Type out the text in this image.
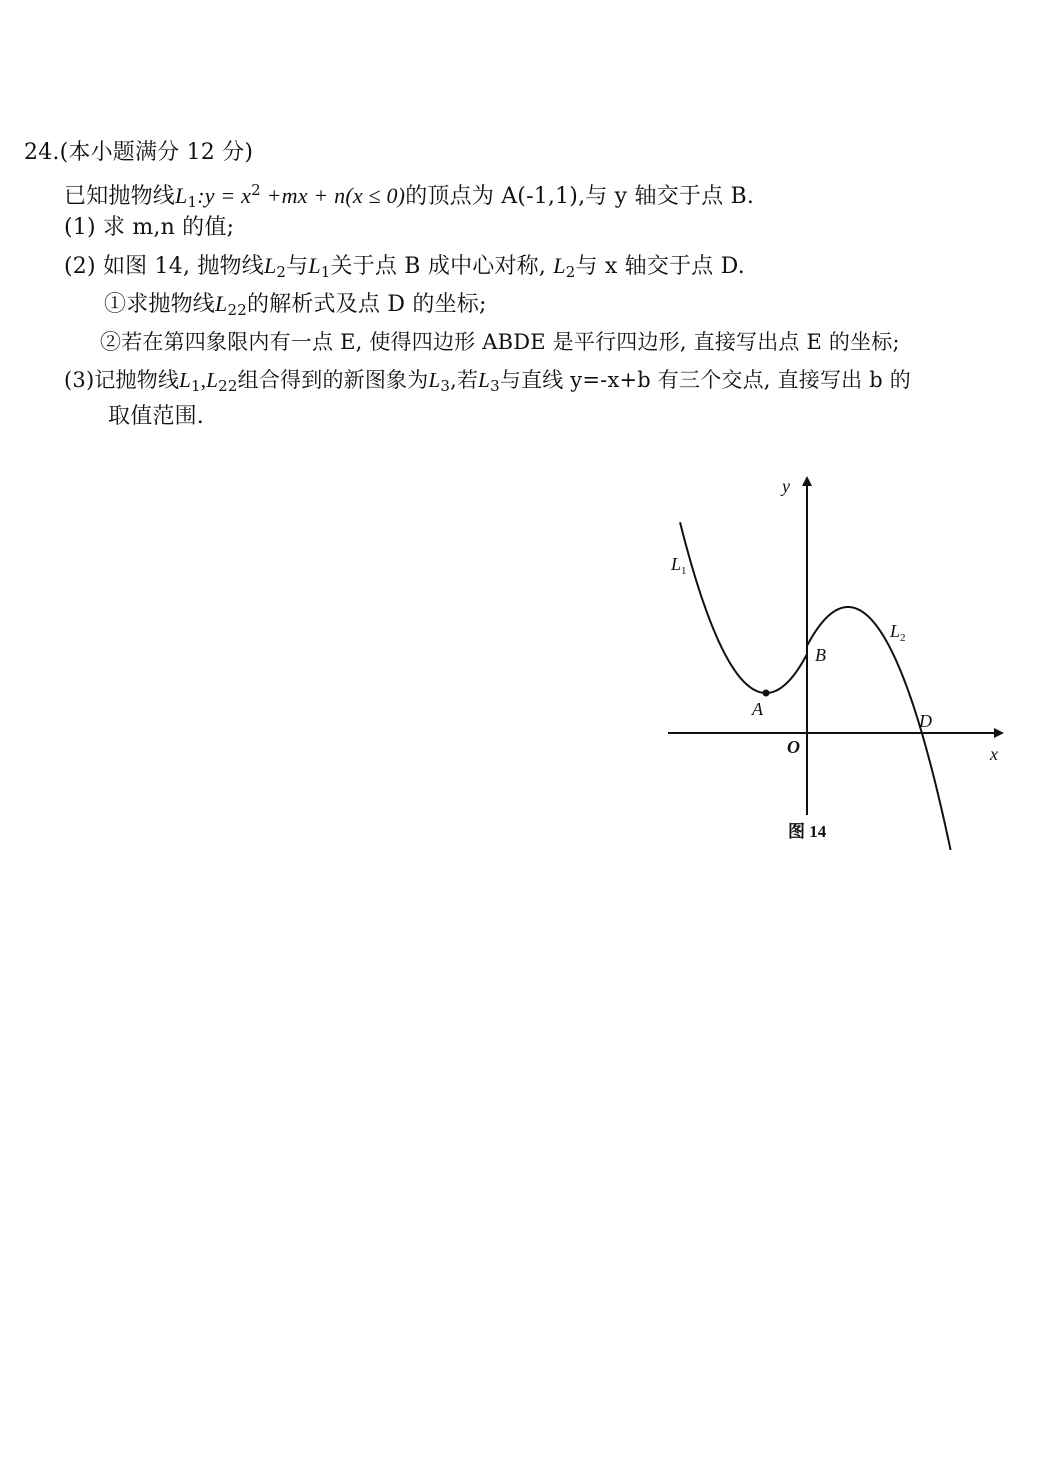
24.(本小题满分 12 分)
已知抛物线$L_1:y = x^2 +mx + n(x \le 0)$的顶点为 A(-1,1),与 y 轴交于点 B.
(1) 求 m,n 的值;
(2) 如图 14, 抛物线$L_2$与$L_1$关于点 B 成中心对称, $L_2$与 x 轴交于点 D.
①求抛物线$L_{22}$的解析式及点 D 的坐标;
②若在第四象限内有一点 E, 使得四边形 ABDE 是平行四边形, 直接写出点 E 的坐标;
(3)记抛物线$L_1,L_{22}$组合得到的新图象为$L_3$,若$L_3$与直线 y=-x+b 有三个交点, 直接写出 b 的
取值范围.
y
x
O
A
B
D
$L_1$
$L_2$
图 14
